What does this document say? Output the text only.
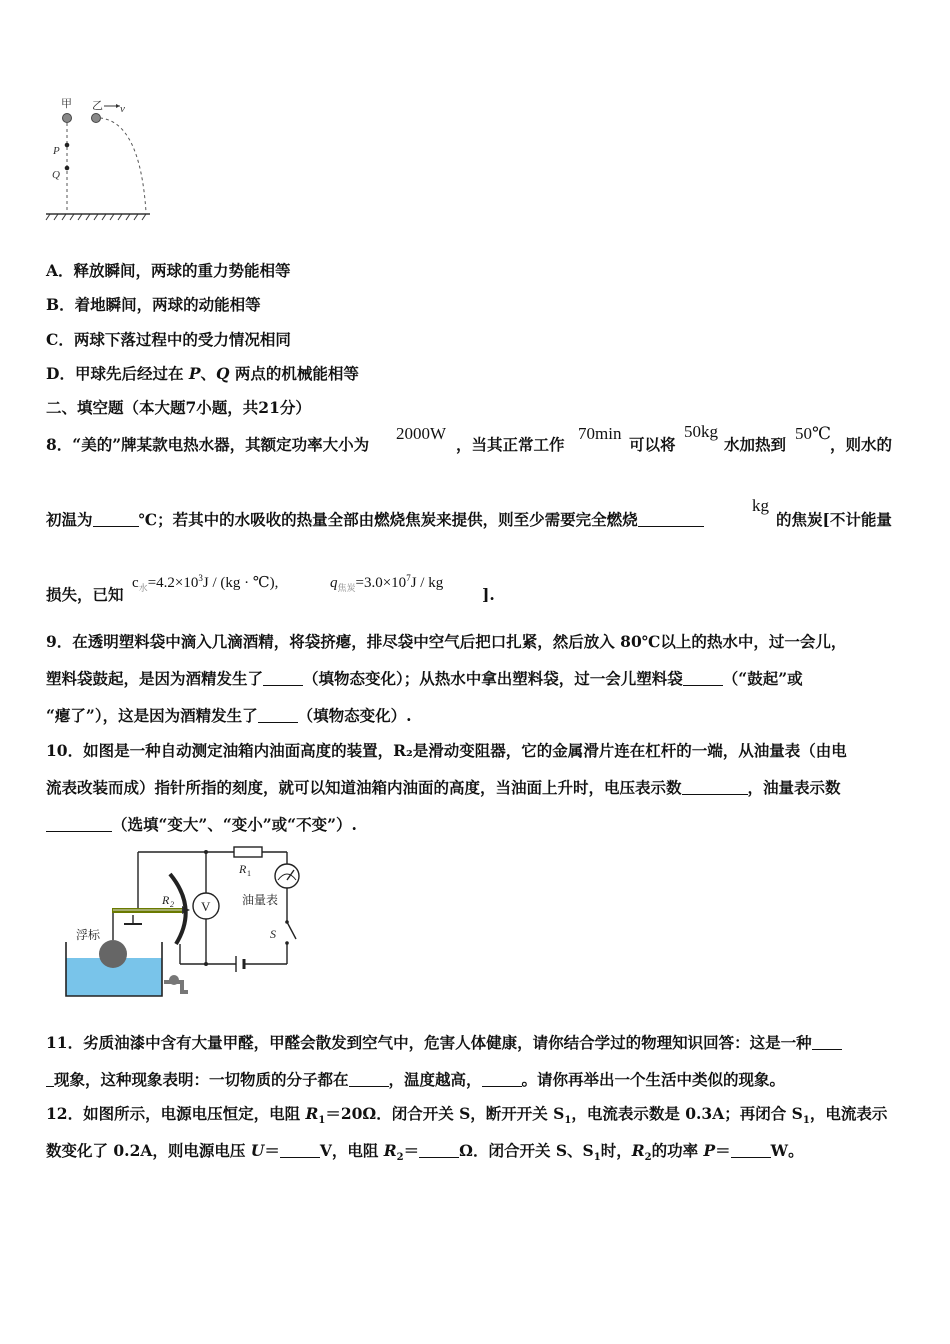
甲 乙 v
P
Q
A．释放瞬间，两球的重力势能相等
B．着地瞬间，两球的动能相等
C．两球下落过程中的受力情况相同
D．甲球先后经过在 P、Q 两点的机械能相等
二、填空题（本大题7小题，共21分）
8．“美的”牌某款电热水器，其额定功率大小为
2000W
，当其正常工作
70min
可以将
50kg
水加热到
50℃
，则水的
初温为	℃；若其中的水吸收的热量全部由燃烧焦炭来提供，则至少需要完全燃烧
kg
的焦炭[不计能量
损失，已知
$c_水=4.2\times 10^3J / (kg$ · ℃),	$q_{焦炭}=3.0\times 10^7J$ / kg
].
9．在透明塑料袋中滴入几滴酒精，将袋挤瘪，排尽袋中空气后把口扎紧，然后放入 80℃以上的热水中，过一会儿，
塑料袋鼓起，是因为酒精发生了	（填物态变化）；从热水中拿出塑料袋，过一会儿塑料袋	（“鼓起”或
“瘪了”），这是因为酒精发生了	（填物态变化）.
10．如图是一种自动测定油箱内油面高度的装置，R₂是滑动变阻器，它的金属滑片连在杠杆的一端，从油量表（由电
流表改装而成）指针所指的刻度，就可以知道油箱内油面的高度，当油面上升时，电压表示数	，油量表示数
（选填“变大”、“变小”或“不变”）.
浮标
R 2 V
R 1
油量表
S
11．劣质油漆中含有大量甲醛，甲醛会散发到空气中，危害人体健康，请你结合学过的物理知识回答：这是一种
现象，这种现象表明：一切物质的分子都在	，温度越高，	。请你再举出一个生活中类似的现象。
12．如图所示，电源电压恒定，电阻 $R_1=20\Omega$．闭合开关 S，断开开关 $S_1$，电流表示数是 0.3A；再闭合 $S_1$，电流表示
数变化了 0.2A，则电源电压 U＝	V，电阻 $R_2=$	Ω．闭合开关 S、$S_1$时，$R_2$的功率 P＝	W。
